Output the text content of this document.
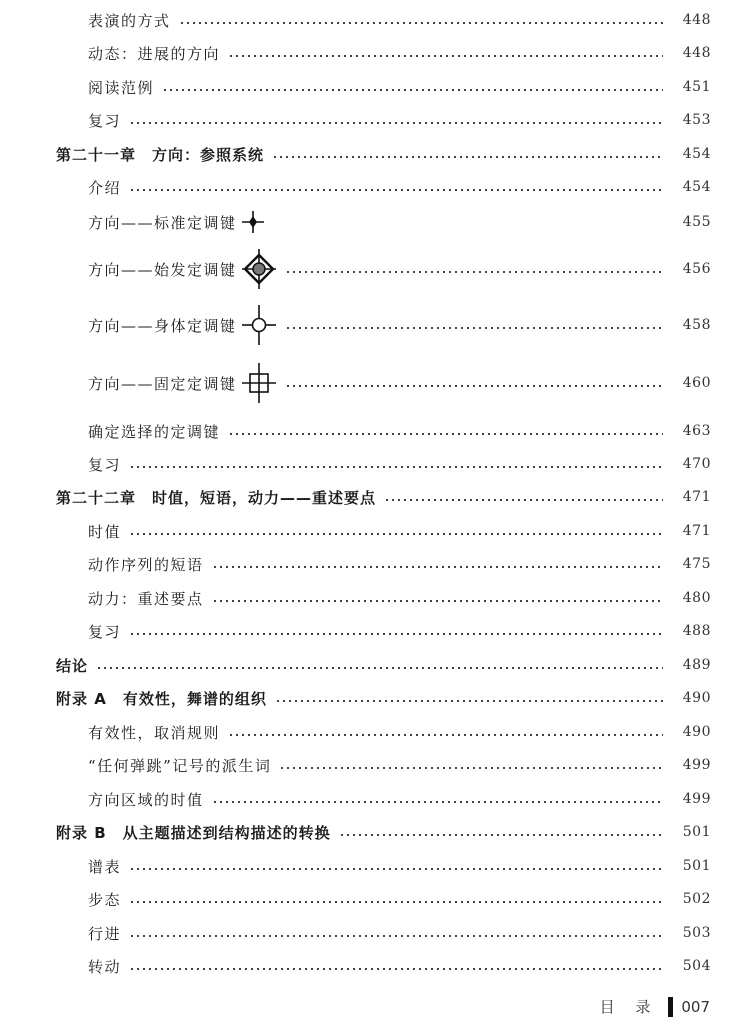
表演的方式	448
动态：进展的方向	448
阅读范例	451
复习	453
第二十一章　方向：参照系统	454
介绍	454
方向——标准定调键	455
方向——始发定调键	456
方向——身体定调键	458
方向——固定定调键	460
确定选择的定调键	463
复习	470
第二十二章　时值，短语，动力——重述要点	471
时值	471
动作序列的短语	475
动力：重述要点	480
复习	488
结论	489
附录 A　有效性，舞谱的组织	490
有效性，取消规则	490
“任何弹跳”记号的派生词	499
方向区域的时值	499
附录 B　从主题描述到结构描述的转换	501
谱表	501
步态	502
行进	503
转动	504
目 录 007
